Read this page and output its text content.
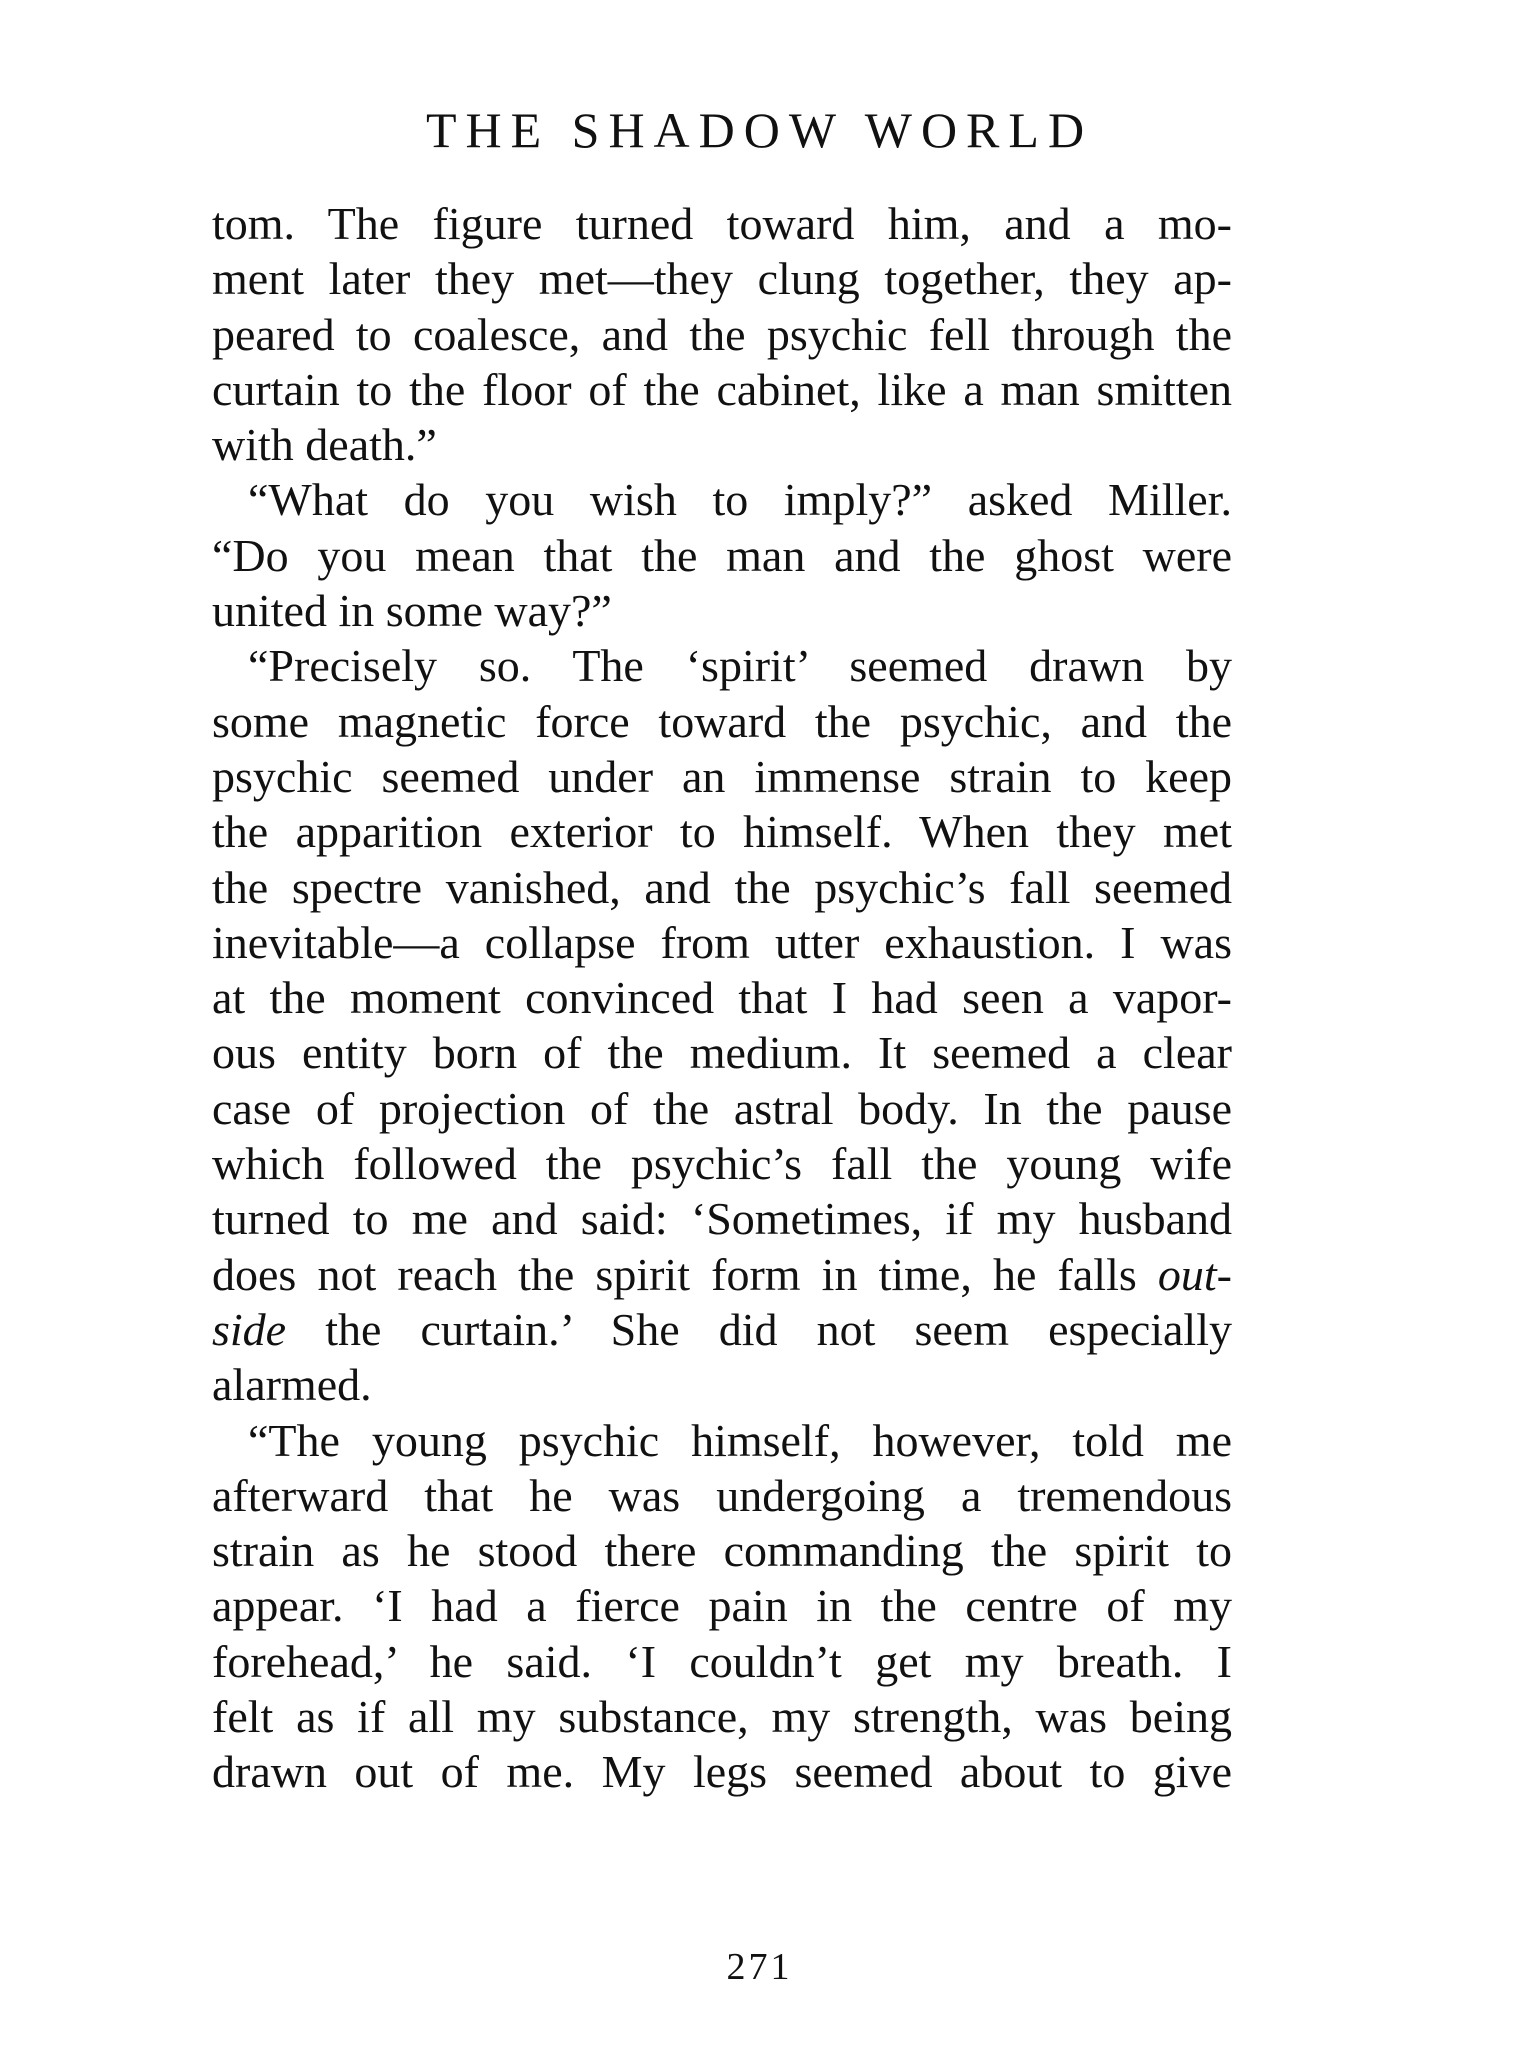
THE SHADOW WORLD
tom. The figure turned toward him, and a mo-
ment later they met—they clung together, they ap-
peared to coalesce, and the psychic fell through the
curtain to the floor of the cabinet, like a man smitten
with death.”
“What do you wish to imply?” asked Miller.
“Do you mean that the man and the ghost were
united in some way?”
“Precisely so. The ‘spirit’ seemed drawn by
some magnetic force toward the psychic, and the
psychic seemed under an immense strain to keep
the apparition exterior to himself. When they met
the spectre vanished, and the psychic’s fall seemed
inevitable—a collapse from utter exhaustion. I was
at the moment convinced that I had seen a vapor-
ous entity born of the medium. It seemed a clear
case of projection of the astral body. In the pause
which followed the psychic’s fall the young wife
turned to me and said: ‘Sometimes, if my husband
does not reach the spirit form in time, he falls out-
side the curtain.’ She did not seem especially
alarmed.
“The young psychic himself, however, told me
afterward that he was undergoing a tremendous
strain as he stood there commanding the spirit to
appear. ‘I had a fierce pain in the centre of my
forehead,’ he said. ‘I couldn’t get my breath. I
felt as if all my substance, my strength, was being
drawn out of me. My legs seemed about to give
271
